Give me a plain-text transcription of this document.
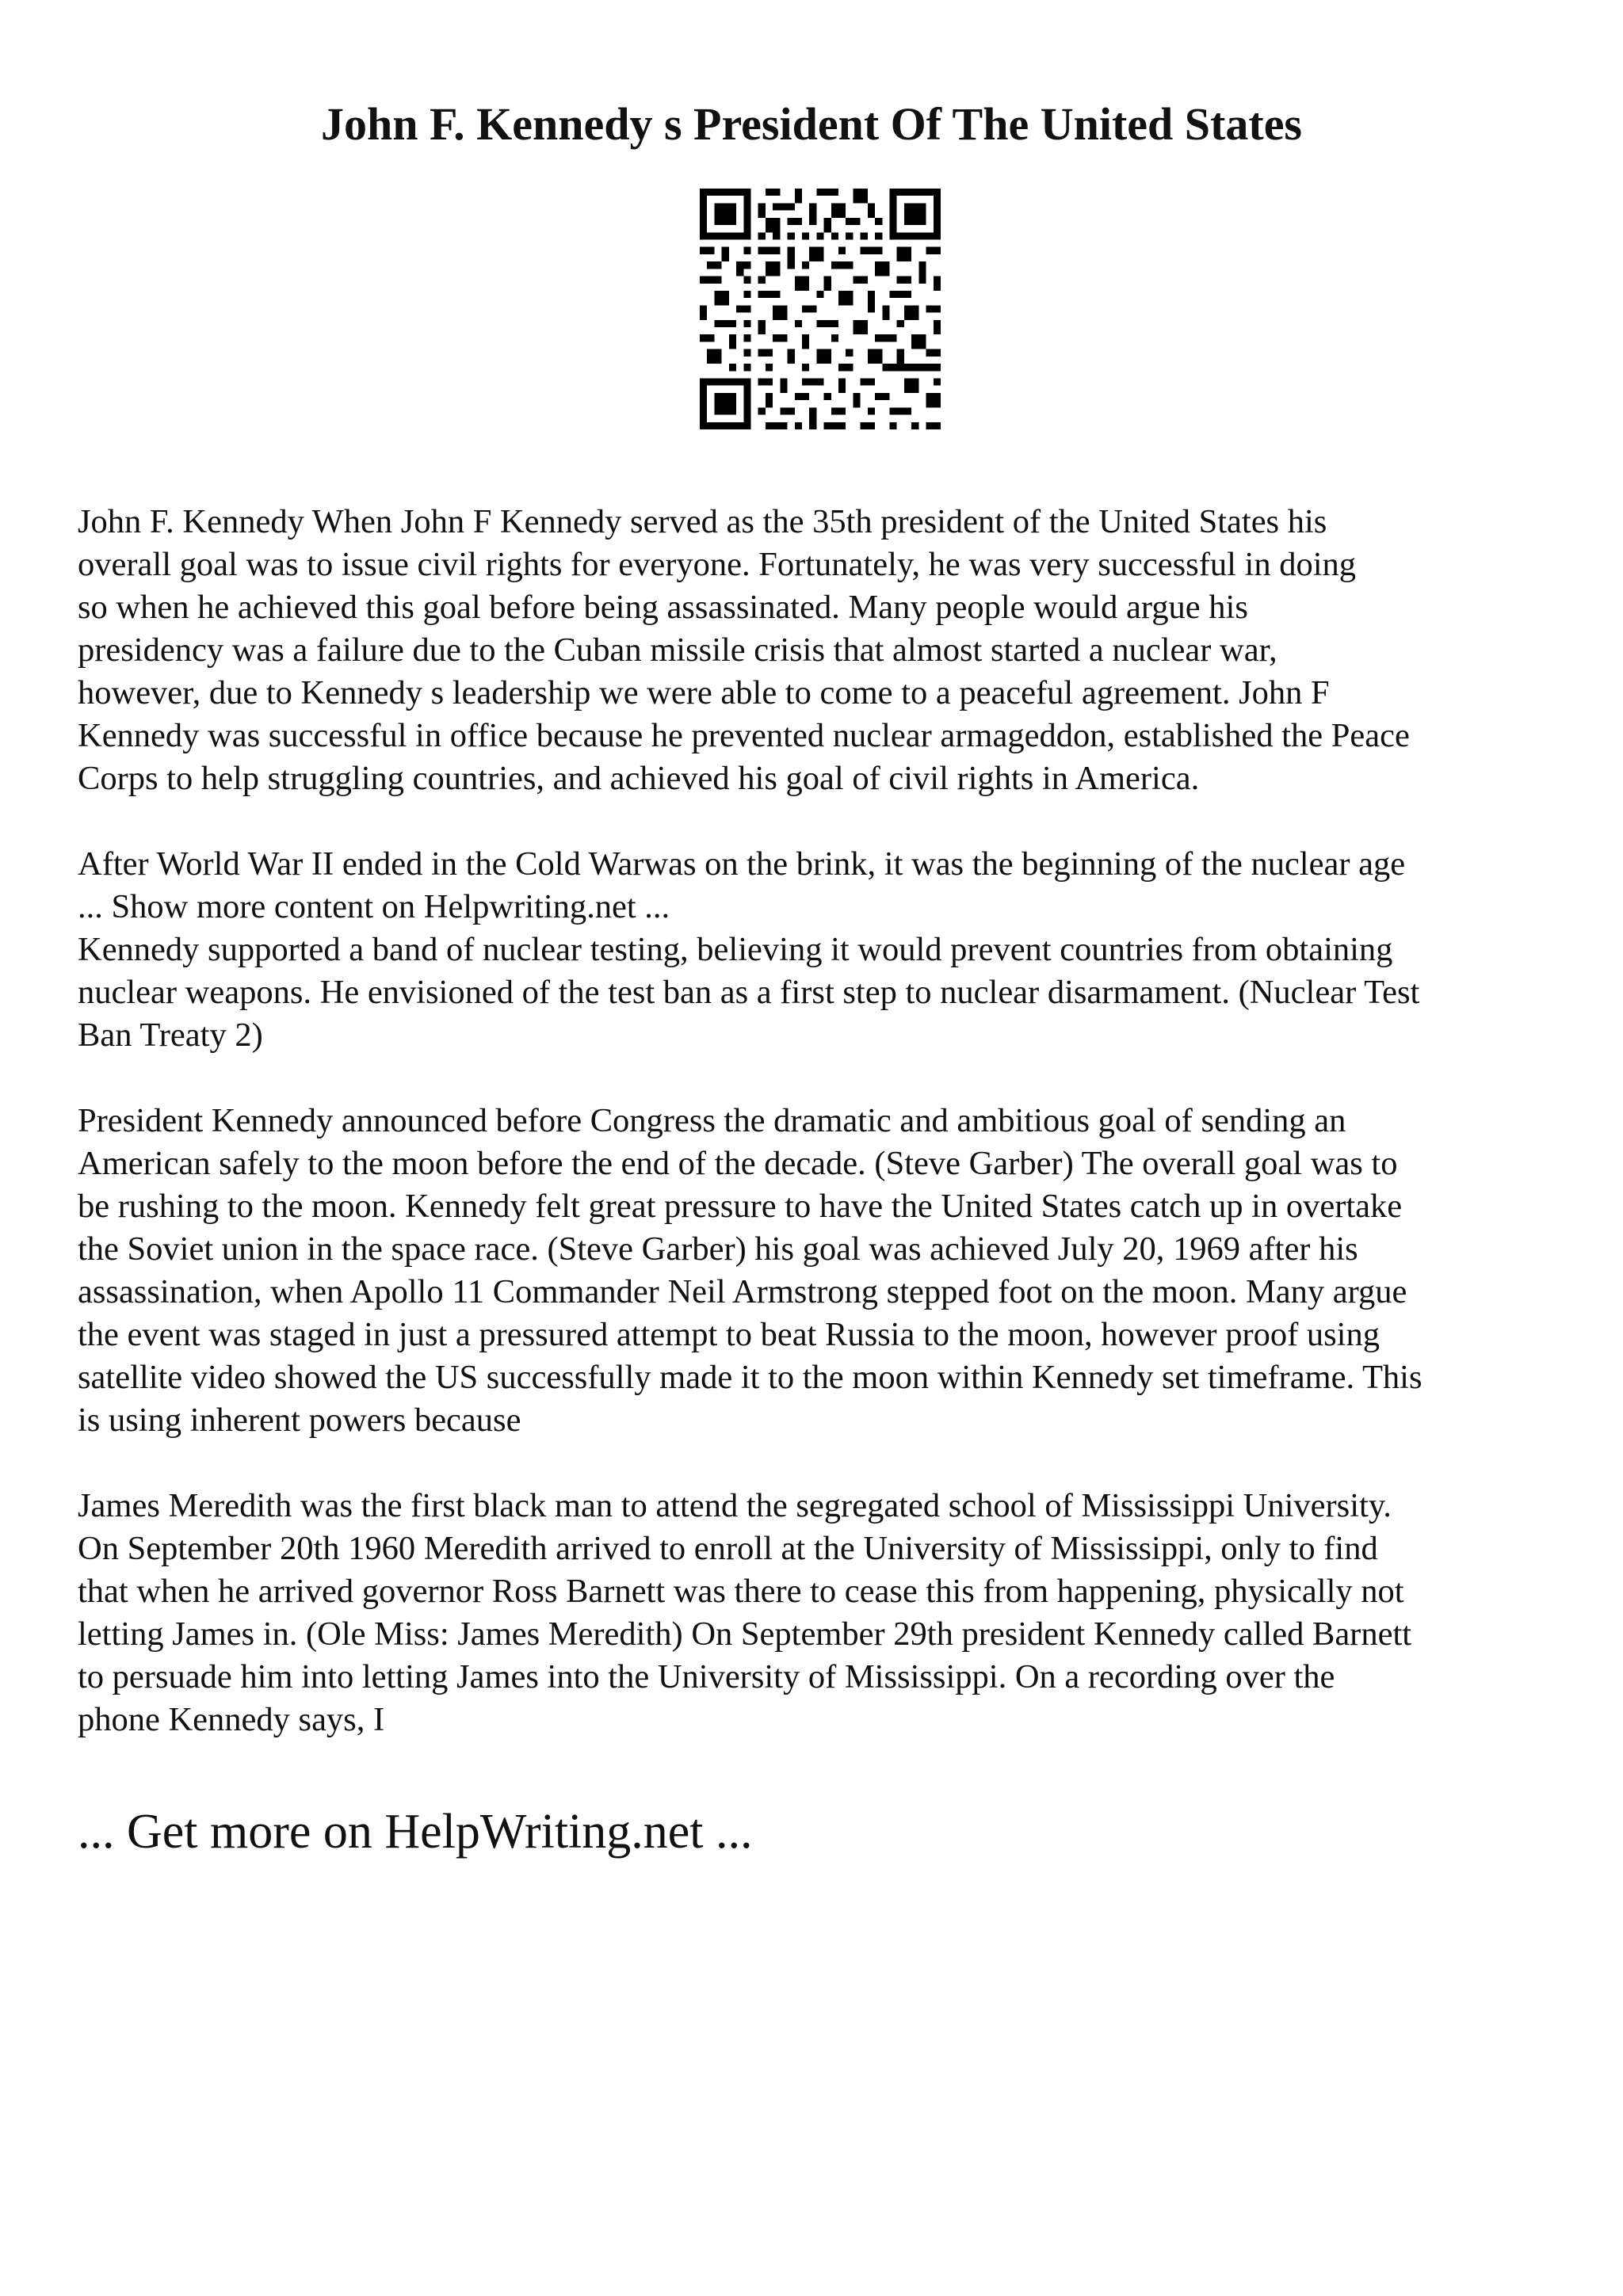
John F. Kennedy s President Of The United States

John F. Kennedy When John F Kennedy served as the 35th president of the United States his
overall goal was to issue civil rights for everyone. Fortunately, he was very successful in doing
so when he achieved this goal before being assassinated. Many people would argue his
presidency was a failure due to the Cuban missile crisis that almost started a nuclear war,
however, due to Kennedy s leadership we were able to come to a peaceful agreement. John F
Kennedy was successful in office because he prevented nuclear armageddon, established the Peace
Corps to help struggling countries, and achieved his goal of civil rights in America.

After World War II ended in the Cold Warwas on the brink, it was the beginning of the nuclear age
... Show more content on Helpwriting.net ...

Kennedy supported a band of nuclear testing, believing it would prevent countries from obtaining
nuclear weapons. He envisioned of the test ban as a first step to nuclear disarmament. (Nuclear Test
Ban Treaty 2)

President Kennedy announced before Congress the dramatic and ambitious goal of sending an
American safely to the moon before the end of the decade. (Steve Garber) The overall goal was to
be rushing to the moon. Kennedy felt great pressure to have the United States catch up in overtake
the Soviet union in the space race. (Steve Garber) his goal was achieved July 20, 1969 after his
assassination, when Apollo 11 Commander Neil Armstrong stepped foot on the moon. Many argue
the event was staged in just a pressured attempt to beat Russia to the moon, however proof using
satellite video showed the US successfully made it to the moon within Kennedy set timeframe. This
is using inherent powers because

James Meredith was the first black man to attend the segregated school of Mississippi University.
On September 20th 1960 Meredith arrived to enroll at the University of Mississippi, only to find
that when he arrived governor Ross Barnett was there to cease this from happening, physically not
letting James in. (Ole Miss: James Meredith) On September 29th president Kennedy called Barnett
to persuade him into letting James into the University of Mississippi. On a recording over the
phone Kennedy says, I

... Get more on HelpWriting.net ...
